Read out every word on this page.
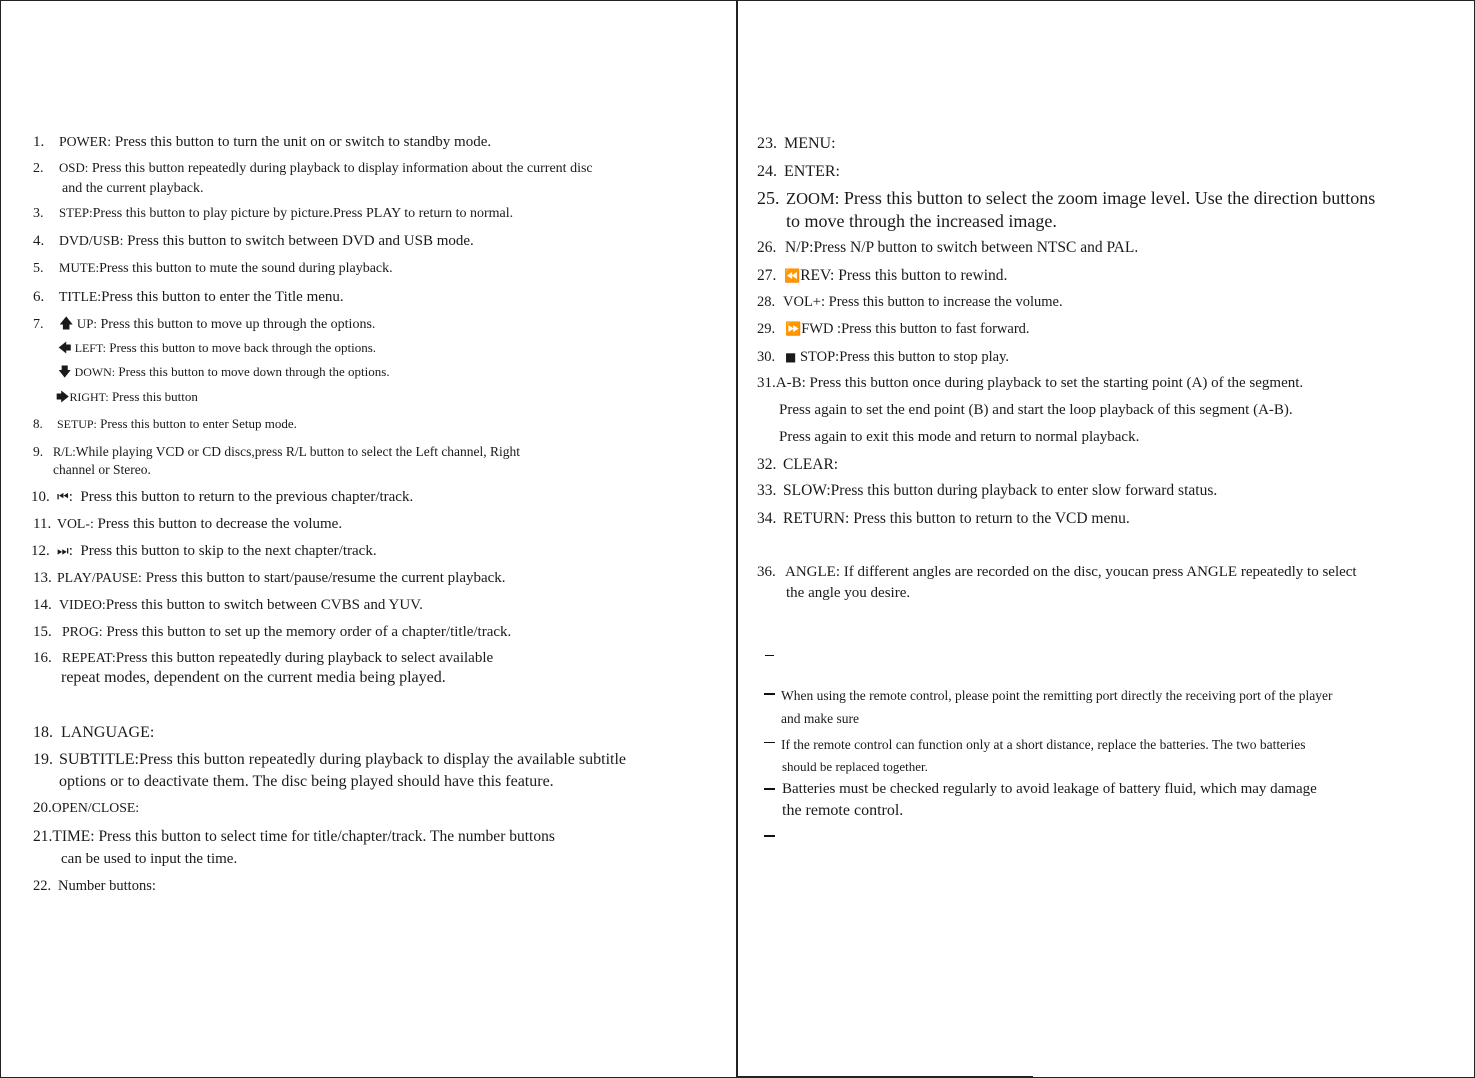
1. POWER: Press this button to turn the unit on or switch to standby mode.
2. OSD: Press this button repeatedly during playback to display information about the current disc
and the current playback.
3. STEP:Press this button to play picture by picture.Press PLAY to return to normal.
4. DVD/USB: Press this button to switch between DVD and USB mode.
5. MUTE:Press this button to mute the sound during playback.
6. TITLE:Press this button to enter the Title menu.
7. 🡅 UP: Press this button to move up through the options.
🡄 LEFT: Press this button to move back through the options.
🡇 DOWN: Press this button to move down through the options.
🡆RIGHT: Press this button
8. SETUP: Press this button to enter Setup mode.
9. R/L:While playing VCD or CD discs,press R/L button to select the Left channel, Right
channel or Stereo.
10. ⏮: Press this button to return to the previous chapter/track.
11. VOL-: Press this button to decrease the volume.
12. ⏭: Press this button to skip to the next chapter/track.
13. PLAY/PAUSE: Press this button to start/pause/resume the current playback.
14. VIDEO:Press this button to switch between CVBS and YUV.
15. PROG: Press this button to set up the memory order of a chapter/title/track.
16. REPEAT:Press this button repeatedly during playback to select available
repeat modes, dependent on the current media being played.
18. LANGUAGE:
19. SUBTITLE:Press this button repeatedly during playback to display the available subtitle
options or to deactivate them. The disc being played should have this feature.
20.OPEN/CLOSE:
21.TIME: Press this button to select time for title/chapter/track. The number buttons
can be used to input the time.
22. Number buttons:
23. MENU:
24. ENTER:
25. ZOOM: Press this button to select the zoom image level. Use the direction buttons
to move through the increased image.
26. N/P:Press N/P button to switch between NTSC and PAL.
27. ⏪REV: Press this button to rewind.
28. VOL+: Press this button to increase the volume.
29. ⏩FWD :Press this button to fast forward.
30. ■ STOP:Press this button to stop play.
31.A-B: Press this button once during playback to set the starting point (A) of the segment.
Press again to set the end point (B) and start the loop playback of this segment (A-B).
Press again to exit this mode and return to normal playback.
32. CLEAR:
33. SLOW:Press this button during playback to enter slow forward status.
34. RETURN: Press this button to return to the VCD menu.
36. ANGLE: If different angles are recorded on the disc, youcan press ANGLE repeatedly to select
the angle you desire.
When using the remote control, please point the remitting port directly the receiving port of the player
and make sure
If the remote control can function only at a short distance, replace the batteries. The two batteries
should be replaced together.
Batteries must be checked regularly to avoid leakage of battery fluid, which may damage
the remote control.
